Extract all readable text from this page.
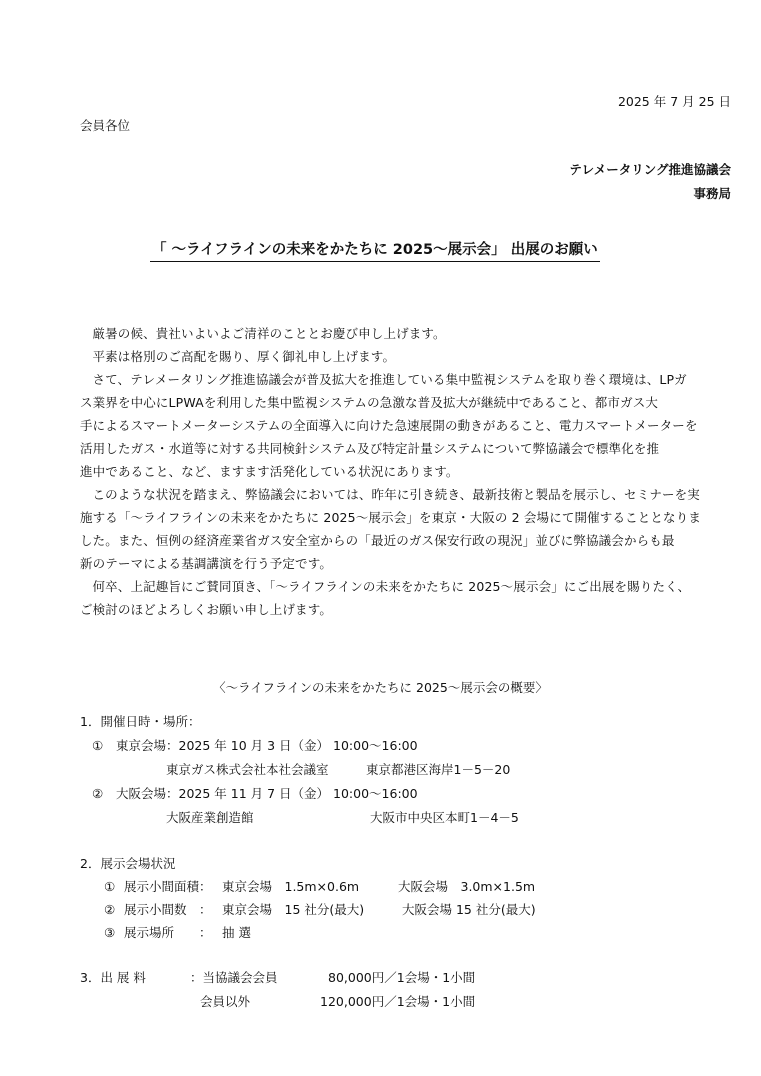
2025 年 7 月 25 日
会員各位
テレメータリング推進協議会
事務局
「 ～ライフラインの未来をかたちに 2025～展示会」 出展のお願い

厳暑の候、貴社いよいよご清祥のこととお慶び申し上げます。

平素は格別のご高配を賜り、厚く御礼申し上げます。

さて、テレメータリング推進協議会が普及拡大を推進している集中監視システムを取り巻く環境は、LPガ

ス業界を中心にLPWAを利用した集中監視システムの急激な普及拡大が継続中であること、都市ガス大

手によるスマートメーターシステムの全面導入に向けた急速展開の動きがあること、電力スマートメーターを

活用したガス・水道等に対する共同検針システム及び特定計量システムについて弊協議会で標準化を推

進中であること、など、ますます活発化している状況にあります。

このような状況を踏まえ、弊協議会においては、昨年に引き続き、最新技術と製品を展示し、セミナーを実

施する「～ライフラインの未来をかたちに 2025～展示会」を東京・大阪の 2 会場にて開催することとなりま

した。また、恒例の経済産業省ガス安全室からの「最近のガス保安行政の現況」並びに弊協議会からも最

新のテーマによる基調講演を行う予定です。

何卒、上記趣旨にご賛同頂き、「～ライフラインの未来をかたちに 2025～展示会」にご出展を賜りたく、

ご検討のほどよろしくお願い申し上げます。

〈～ライフラインの未来をかたちに 2025～展示会の概要〉
1．開催日時・場所：
① 東京会場：2025 年 10 月 3 日（金） 10:00～16:00
東京ガス株式会社本社会議室	東京都港区海岸1－5－20
② 大阪会場：2025 年 11 月 7 日（金） 10:00～16:00
大阪産業創造館	大阪市中央区本町1－4－5
2．展示会場状況
① 展示小間面積： 東京会場　1.5m×0.6m	大阪会場　3.0m×1.5m
② 展示小間数　： 東京会場　15 社分(最大)	大阪会場 15 社分(最大)
③ 展示場所　　： 抽 選
3．出 展 料	：当協議会会員	80,000円／1会場・1小間
会員以外	120,000円／1会場・1小間
